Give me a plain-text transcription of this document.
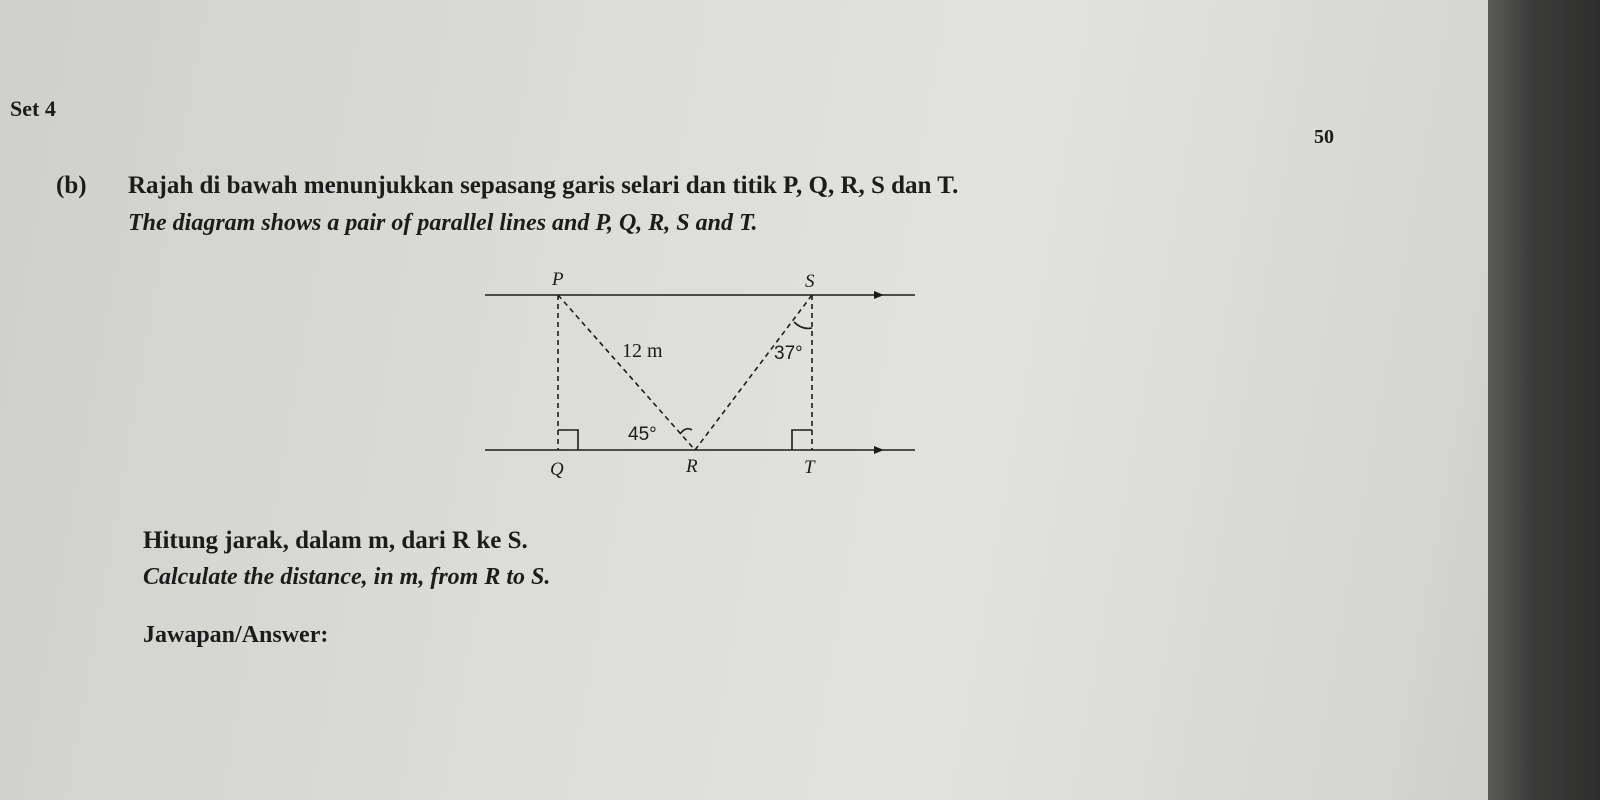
Set 4
50
(b) Rajah di bawah menunjukkan sepasang garis selari dan titik P, Q, R, S dan T.
The diagram shows a pair of parallel lines and P, Q, R, S and T.
P	S
Q	R	T
12 m
45°
37°
Hitung jarak, dalam m, dari R ke S.
Calculate the distance, in m, from R to S.
Jawapan/Answer:
